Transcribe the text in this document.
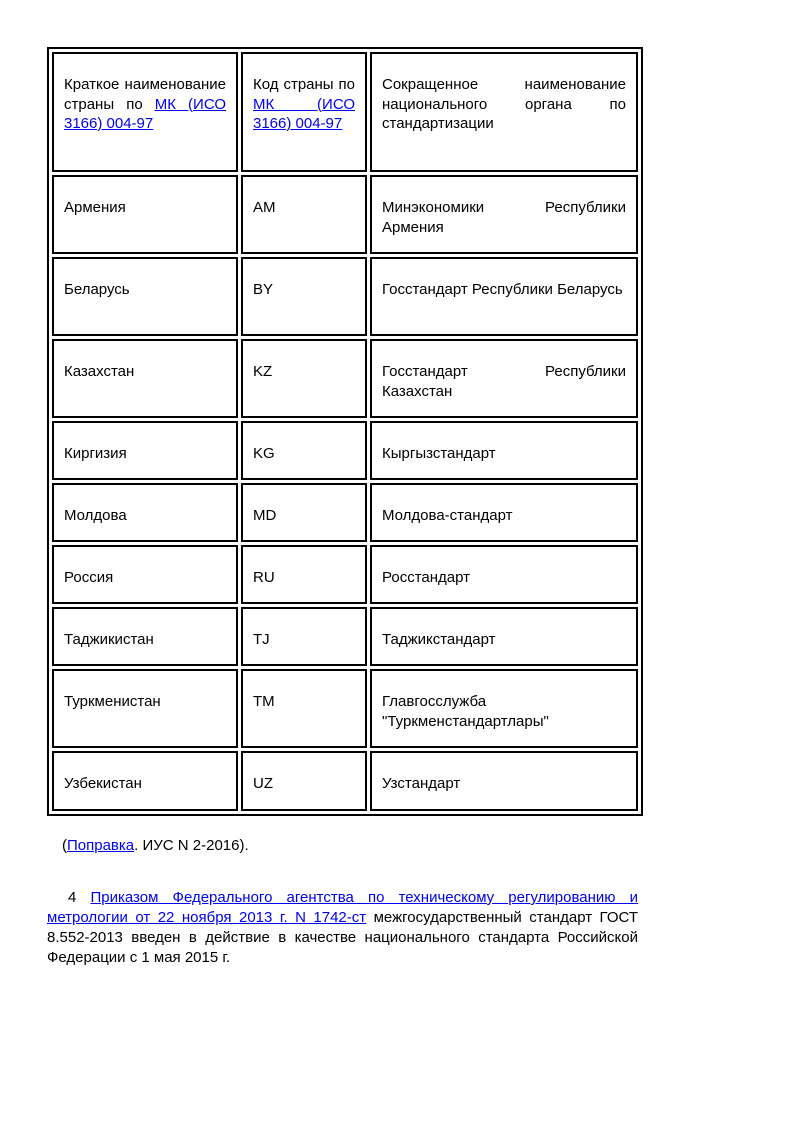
Краткое наименование страны по МК (ИСО 3166) 004-97	Код страны по МК (ИСО 3166) 004-97	Сокращенное наименование национального органа по стандартизации

Армения	AM	Минэкономики Республики Армения

Беларусь	BY	Госстандарт Республики Беларусь

Казахстан	KZ	Госстандарт Республики Казахстан

Киргизия	KG	Кыргызстандарт

Молдова	MD	Молдова-стандарт

Россия	RU	Росстандарт

Таджикистан	TJ	Таджикстандарт

Туркменистан	TM	Главгосслужба "Туркменстандартлары"

Узбекистан	UZ	Узстандарт
(Поправка. ИУС N 2-2016).
4 Приказом Федерального агентства по техническому регулированию и метрологии от 22 ноября 2013 г. N 1742-ст межгосударственный стандарт ГОСТ 8.552-2013 введен в действие в качестве национального стандарта Российской Федерации с 1 мая 2015 г.
